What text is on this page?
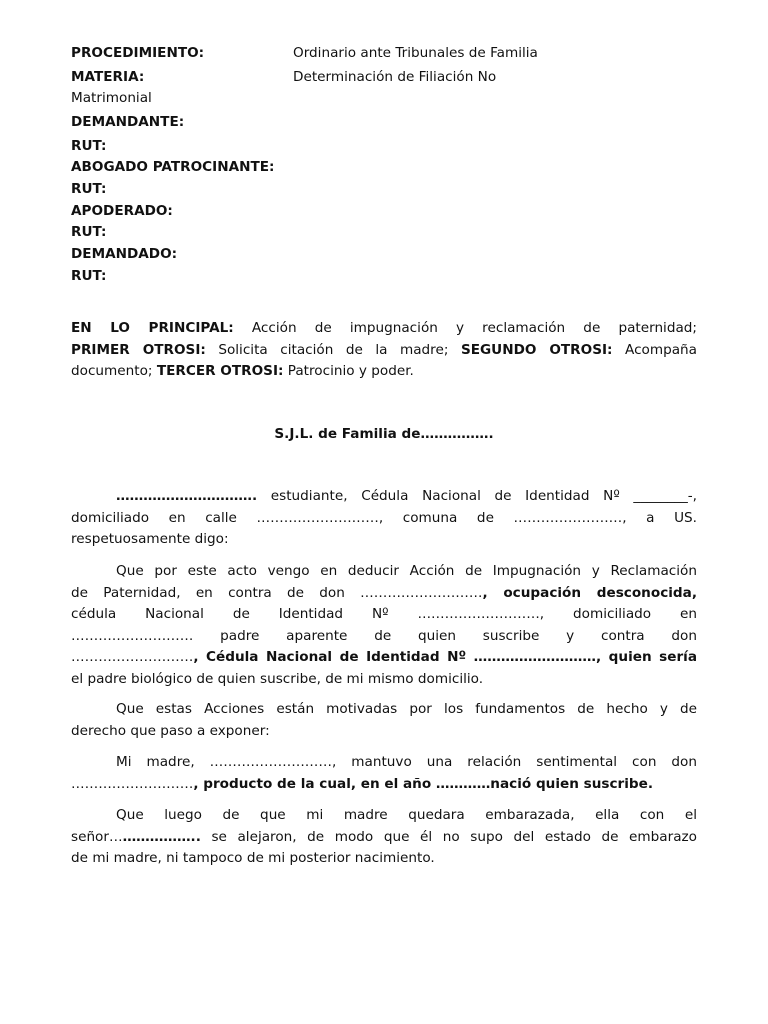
PROCEDIMIENTO:	Ordinario ante Tribunales de Familia
MATERIA:	Determinación de Filiación No
Matrimonial
DEMANDANTE:
RUT:
ABOGADO PATROCINANTE:
RUT:
APODERADO:
RUT:
DEMANDADO:
RUT:
EN LO PRINCIPAL: Acción de impugnación y reclamación de paternidad;
PRIMER OTROSI: Solicita citación de la madre; SEGUNDO OTROSI: Acompaña
documento; TERCER OTROSI: Patrocinio y poder.
S.J.L. de Familia de…………….
…………………………. estudiante, Cédula Nacional de Identidad Nº ________-,
domiciliado en calle ………………………, comuna de ……………………, a US.
respetuosamente digo:
Que por este acto vengo en deducir Acción de Impugnación y Reclamación
de Paternidad, en contra de don ………………………, ocupación desconocida,
cédula Nacional de Identidad Nº ………………………, domiciliado en
……………………… padre aparente de quien suscribe y contra don
………………………, Cédula Nacional de Identidad Nº ………………………, quien sería
el padre biológico de quien suscribe, de mi mismo domicilio.
Que estas Acciones están motivadas por los fundamentos de hecho y de
derecho que paso a exponer:
Mi madre, ………………………, mantuvo una relación sentimental con don
………………………, producto de la cual, en el año …………nació quien suscribe.
Que luego de que mi madre quedara embarazada, ella con el
señor……………….. se alejaron, de modo que él no supo del estado de embarazo
de mi madre, ni tampoco de mi posterior nacimiento.
